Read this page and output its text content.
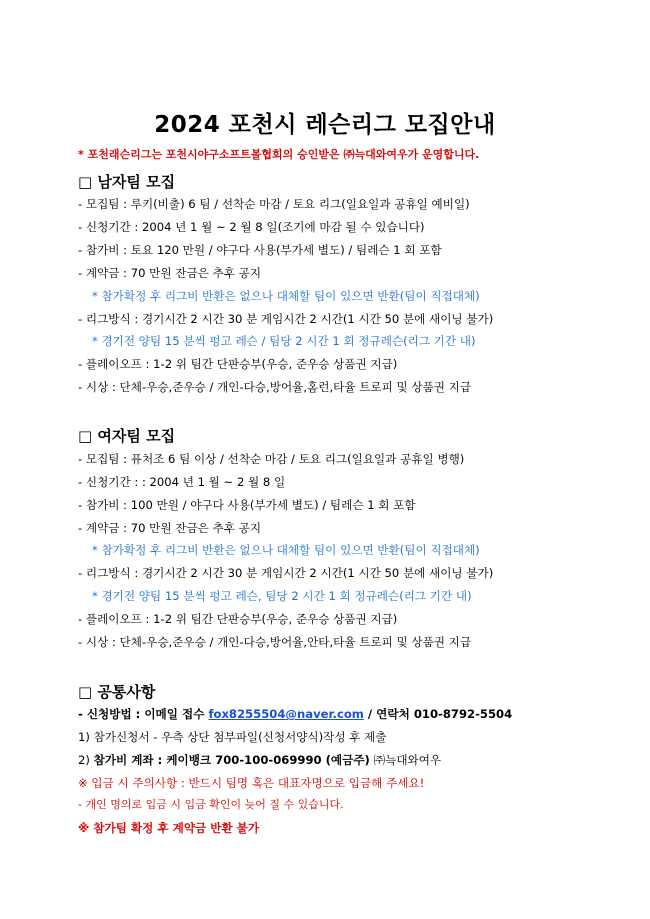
2024 포천시 레슨리그 모집안내
* 포천래슨리그는 포천시야구소프트볼협회의 승인받은 ㈜늑대와여우가 운영합니다.
□ 남자팀 모집
- 모집팀 : 루키(비출) 6 팀 / 선착순 마감 / 토요 리그(일요일과 공휴일 예비일)
- 신청기간 : 2004 년 1 월 ~ 2 월 8 일(조기에 마감 될 수 있습니다)
- 참가비 : 토요 120 만원 / 야구다 사용(부가세 별도) / 팀레슨 1 회 포함
- 계약금 : 70 만원 잔금은 추후 공지
* 참가확정 후 리그비 반환은 없으나 대체할 팀이 있으면 반환(팀이 직접대체)
- 리그방식 : 경기시간 2 시간 30 분 게임시간 2 시간(1 시간 50 분에 새이닝 불가)
* 경기전 양팀 15 분씩 펑고 레슨 / 팀당 2 시간 1 회 정규레슨(리그 기간 내)
- 플레이오프 : 1-2 위 팀간 단판승부(우승, 준우승 상품권 지급)
- 시상 : 단체-우승,준우승 / 개인-다승,방어율,홈런,타율 트로피 및 상품권 지급
□ 여자팀 모집
- 모집팀 : 퓨처조 6 팀 이상 / 선착순 마감 / 토요 리그(일요일과 공휴일 병행)
- 신청기간 : : 2004 년 1 월 ~ 2 월 8 일
- 참가비 : 100 만원 / 야구다 사용(부가세 별도) / 팀레슨 1 회 포함
- 계약금 : 70 만원 잔금은 추후 공지
* 참가확정 후 리그비 반환은 없으나 대체할 팀이 있으면 반환(팀이 직접대체)
- 리그방식 : 경기시간 2 시간 30 분 게임시간 2 시간(1 시간 50 분에 새이닝 불가)
* 경기전 양팀 15 분씩 펑고 레슨, 팀당 2 시간 1 회 정규레슨(리그 기간 내)
- 플레이오프 : 1-2 위 팀간 단판승부(우승, 준우승 상품권 지급)
- 시상 : 단체-우승,준우승 / 개인-다승,방어율,안타,타율 트로피 및 상품권 지급
□ 공통사항
- 신청방법 : 이메일 접수 fox8255504@naver.com / 연락처 010-8792-5504
1) 참가신청서 - 우측 상단 첨부파일(신청서양식)작성 후 제출
2) 참가비 계좌 : 케이뱅크 700-100-069990 (예금주) ㈜늑대와여우
※ 입금 시 주의사항 : 반드시 팀명 혹은 대표자명으로 입금해 주세요!
- 개인 명의로 입금 시 입금 확인이 늦어 질 수 있습니다.
※ 참가팀 확정 후 계약금 반환 불가
